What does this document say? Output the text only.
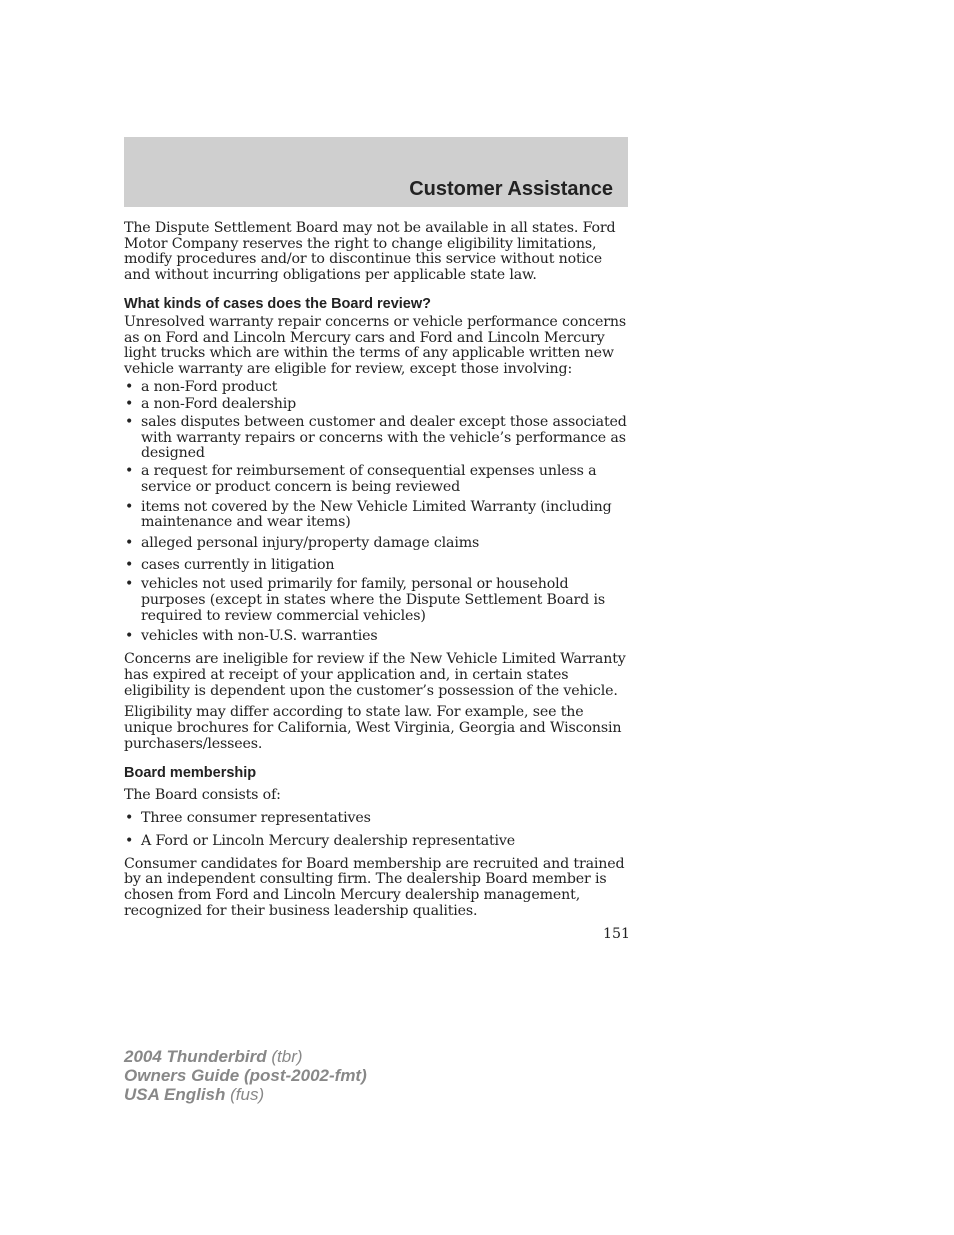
Customer Assistance

The Dispute Settlement Board may not be available in all states. Ford Motor Company reserves the right to change eligibility limitations, modify procedures and/or to discontinue this service without notice and without incurring obligations per applicable state law.

What kinds of cases does the Board review?

Unresolved warranty repair concerns or vehicle performance concerns as on Ford and Lincoln Mercury cars and Ford and Lincoln Mercury light trucks which are within the terms of any applicable written new vehicle warranty are eligible for review, except those involving:

• a non-Ford product
• a non-Ford dealership
• sales disputes between customer and dealer except those associated with warranty repairs or concerns with the vehicle’s performance as designed
• a request for reimbursement of consequential expenses unless a service or product concern is being reviewed
• items not covered by the New Vehicle Limited Warranty (including maintenance and wear items)
• alleged personal injury/property damage claims
• cases currently in litigation
• vehicles not used primarily for family, personal or household purposes (except in states where the Dispute Settlement Board is required to review commercial vehicles)
• vehicles with non-U.S. warranties

Concerns are ineligible for review if the New Vehicle Limited Warranty has expired at receipt of your application and, in certain states eligibility is dependent upon the customer’s possession of the vehicle.

Eligibility may differ according to state law. For example, see the unique brochures for California, West Virginia, Georgia and Wisconsin purchasers/lessees.

Board membership

The Board consists of:

• Three consumer representatives
• A Ford or Lincoln Mercury dealership representative

Consumer candidates for Board membership are recruited and trained by an independent consulting firm. The dealership Board member is chosen from Ford and Lincoln Mercury dealership management, recognized for their business leadership qualities.

151

2004 Thunderbird (tbr)
Owners Guide (post-2002-fmt)
USA English (fus)
